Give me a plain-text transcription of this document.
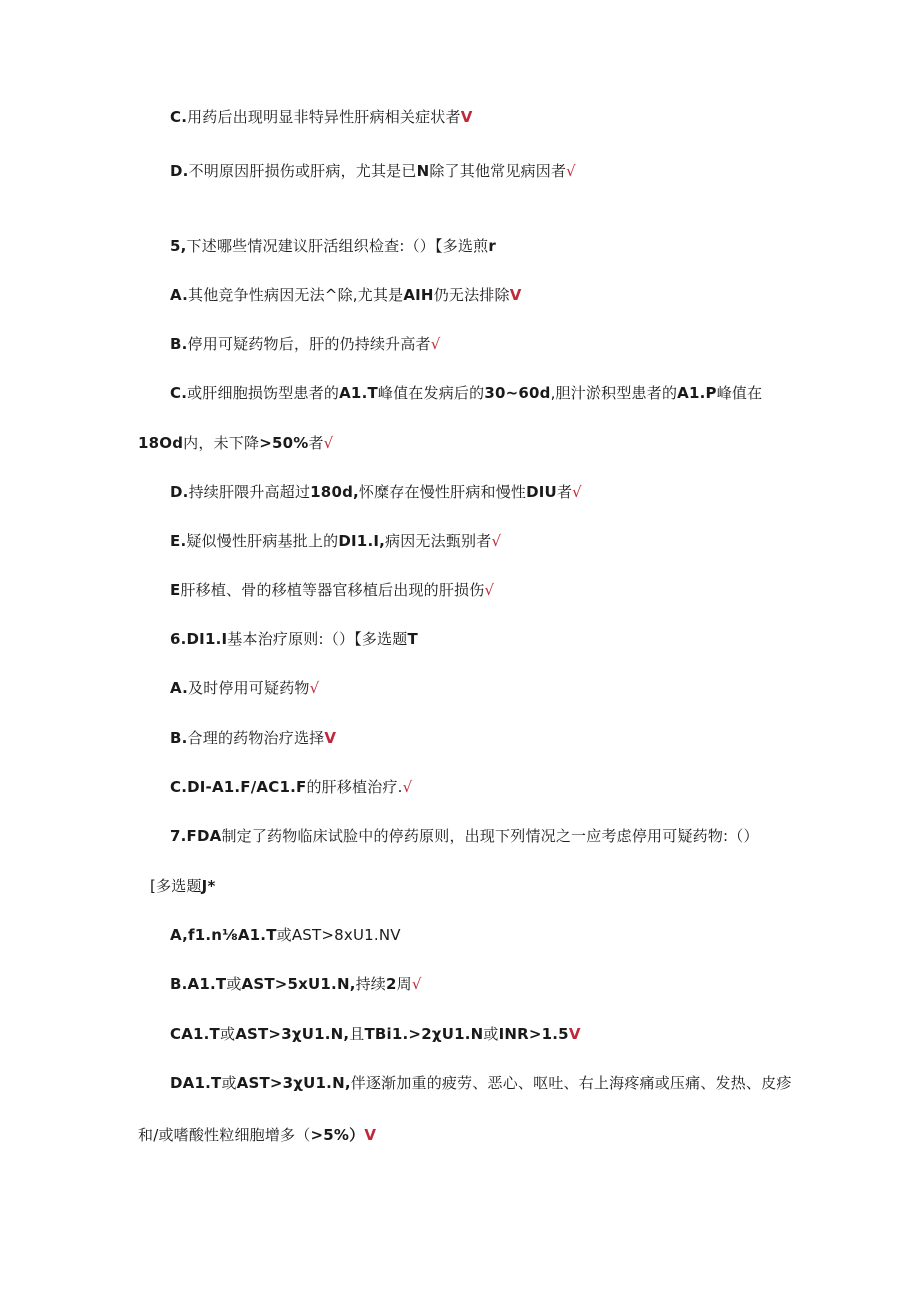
C.用药后出现明显非特异性肝病相关症状者V
D.不明原因肝损伤或肝病，尤其是已N除了其他常见病因者√
5,下述哪些情况建议肝活组织检查:（）【多选煎r
A.其他竞争性病因无法^除,尤其是AIH仍无法排除V
B.停用可疑药物后，肝的仍持续升高者√
C.或肝细胞损饬型患者的A1.T峰值在发病后的30~60d,胆汁淤积型患者的A1.P峰值在
18Od内，未下降>50%者√
D.持续肝隈升高超过180d,怀糜存在慢性肝病和慢性DIU者√
E.疑似慢性肝病基批上的DI1.I,病因无法甄别者√
E肝移植、骨的移植等器官移植后出现的肝损伤√
6.DI1.I基本治疗原则:（）【多选题T
A.及时停用可疑药物√
B.合理的药物治疗选择V
C.DI-A1.F/AC1.F的肝移植治疗.√
7.FDA制定了药物临床试脸中的停药原则，出现下列情况之一应考虑停用可疑药物:（）
[多选题J*
A,f1.n⅛A1.T或AST>8xU1.NV
B.A1.T或AST>5xU1.N,持续2周√
CA1.T或AST>3χU1.N,且TBi1.>2χU1.N或INR>1.5V
DA1.T或AST>3χU1.N,伴逐渐加重的疲劳、恶心、呕吐、右上海疼痛或压痛、发热、皮疹
和/或嗜酸性粒细胞增多（>5%）V
